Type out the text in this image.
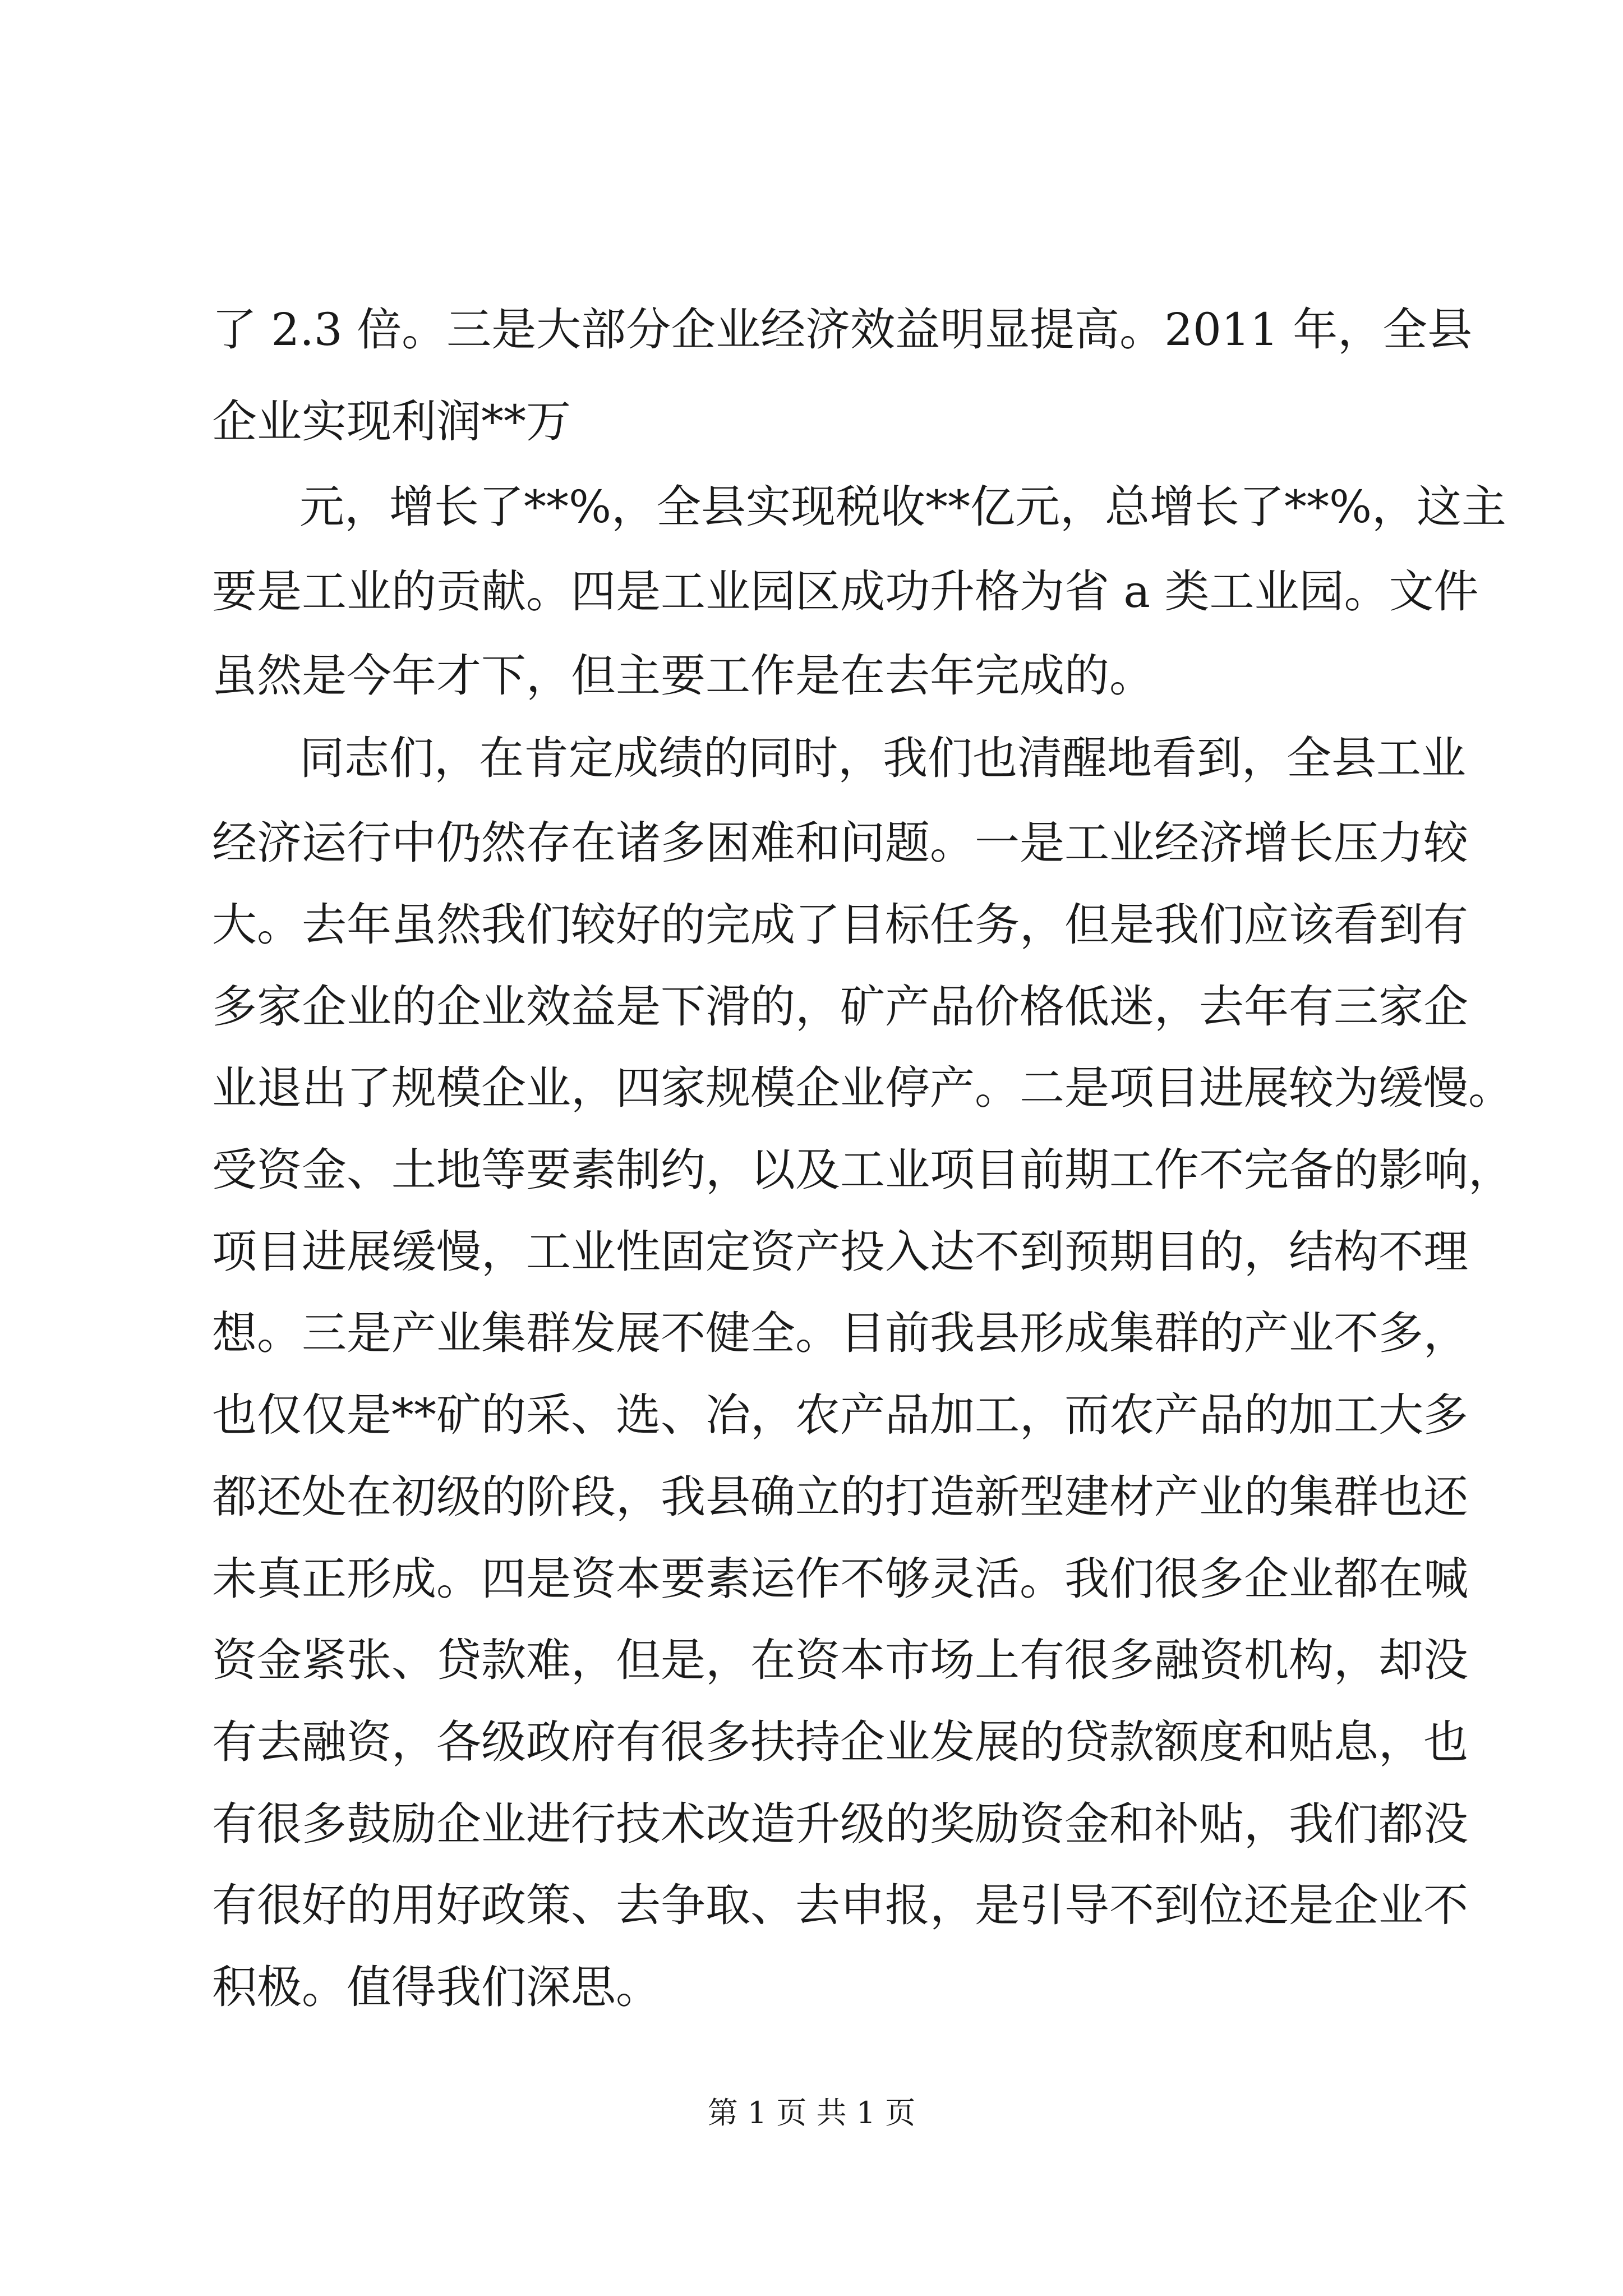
了 2.3 倍。三是大部分企业经济效益明显提高。2011 年，全县

企业实现利润**万

元，增长了**%，全县实现税收**亿元，总增长了**%，这主

要是工业的贡献。四是工业园区成功升格为省 a 类工业园。文件

虽然是今年才下，但主要工作是在去年完成的。

同志们，在肯定成绩的同时，我们也清醒地看到，全县工业

经济运行中仍然存在诸多困难和问题。一是工业经济增长压力较

大。去年虽然我们较好的完成了目标任务，但是我们应该看到有

多家企业的企业效益是下滑的，矿产品价格低迷，去年有三家企

业退出了规模企业，四家规模企业停产。二是项目进展较为缓慢。

受资金、土地等要素制约，以及工业项目前期工作不完备的影响，

项目进展缓慢，工业性固定资产投入达不到预期目的，结构不理

想。三是产业集群发展不健全。目前我县形成集群的产业不多，

也仅仅是**矿的采、选、冶，农产品加工，而农产品的加工大多

都还处在初级的阶段，我县确立的打造新型建材产业的集群也还

未真正形成。四是资本要素运作不够灵活。我们很多企业都在喊

资金紧张、贷款难，但是，在资本市场上有很多融资机构，却没

有去融资，各级政府有很多扶持企业发展的贷款额度和贴息，也

有很多鼓励企业进行技术改造升级的奖励资金和补贴，我们都没

有很好的用好政策、去争取、去申报，是引导不到位还是企业不

积极。值得我们深思。

第 1 页 共 1 页
